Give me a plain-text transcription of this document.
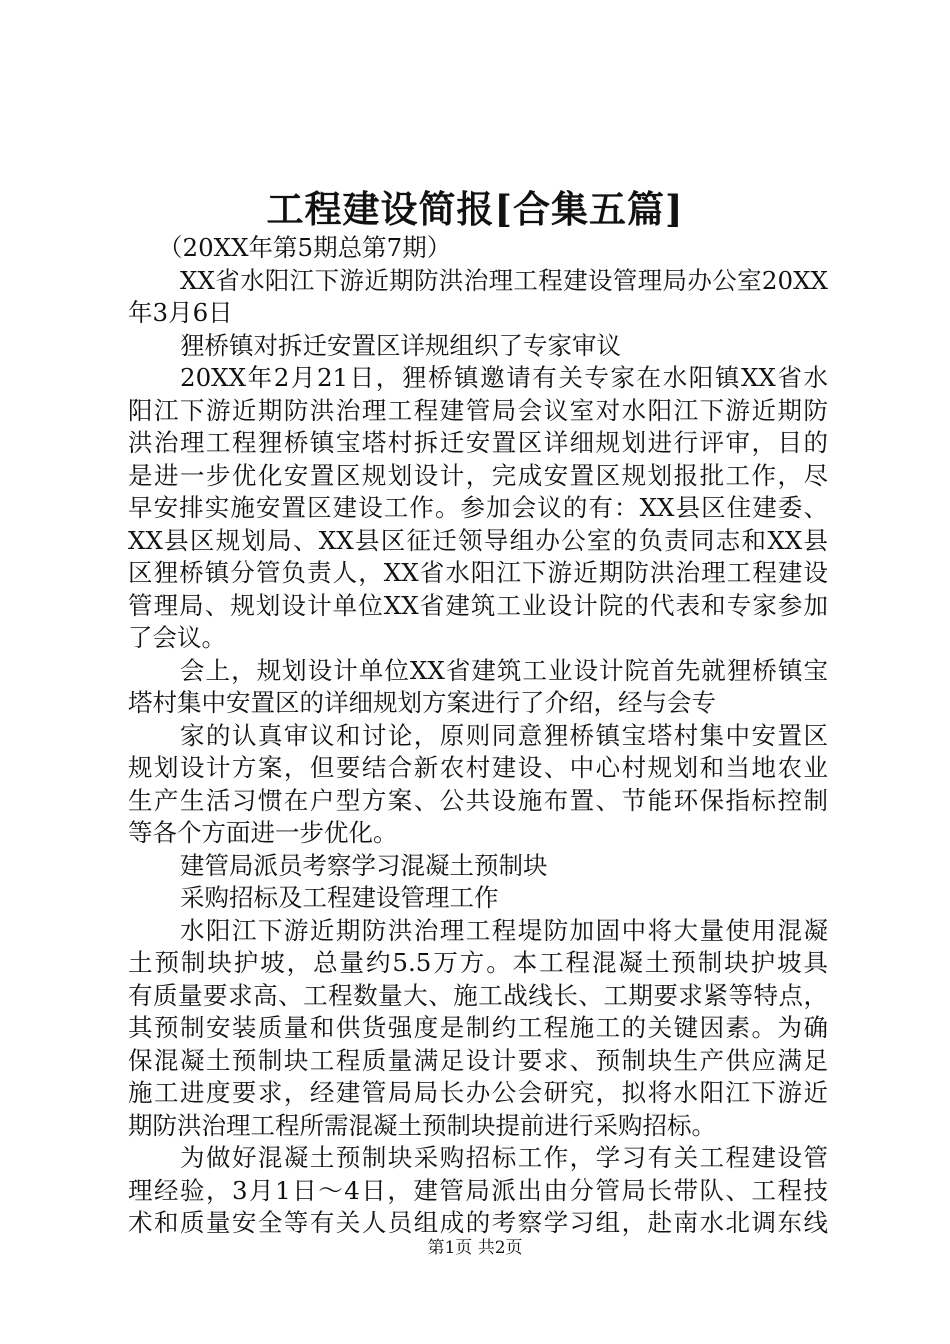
工程建设简报[合集五篇]
（20XX年第5期总第7期）
XX省水阳江下游近期防洪治理工程建设管理局办公室20XX
年3月6日
狸桥镇对拆迁安置区详规组织了专家审议
20XX年2月21日，狸桥镇邀请有关专家在水阳镇XX省水
阳江下游近期防洪治理工程建管局会议室对水阳江下游近期防
洪治理工程狸桥镇宝塔村拆迁安置区详细规划进行评审，目的
是进一步优化安置区规划设计，完成安置区规划报批工作，尽
早安排实施安置区建设工作。参加会议的有：XX县区住建委、
XX县区规划局、XX县区征迁领导组办公室的负责同志和XX县
区狸桥镇分管负责人，XX省水阳江下游近期防洪治理工程建设
管理局、规划设计单位XX省建筑工业设计院的代表和专家参加
了会议。
会上，规划设计单位XX省建筑工业设计院首先就狸桥镇宝
塔村集中安置区的详细规划方案进行了介绍，经与会专
家的认真审议和讨论，原则同意狸桥镇宝塔村集中安置区
规划设计方案，但要结合新农村建设、中心村规划和当地农业
生产生活习惯在户型方案、公共设施布置、节能环保指标控制
等各个方面进一步优化。
建管局派员考察学习混凝土预制块
采购招标及工程建设管理工作
水阳江下游近期防洪治理工程堤防加固中将大量使用混凝
土预制块护坡，总量约5.5万方。本工程混凝土预制块护坡具
有质量要求高、工程数量大、施工战线长、工期要求紧等特点，
其预制安装质量和供货强度是制约工程施工的关键因素。为确
保混凝土预制块工程质量满足设计要求、预制块生产供应满足
施工进度要求，经建管局局长办公会研究，拟将水阳江下游近
期防洪治理工程所需混凝土预制块提前进行采购招标。
为做好混凝土预制块采购招标工作，学习有关工程建设管
理经验，3月1日～4日，建管局派出由分管局长带队、工程技
术和质量安全等有关人员组成的考察学习组，赴南水北调东线
第1页 共2页
